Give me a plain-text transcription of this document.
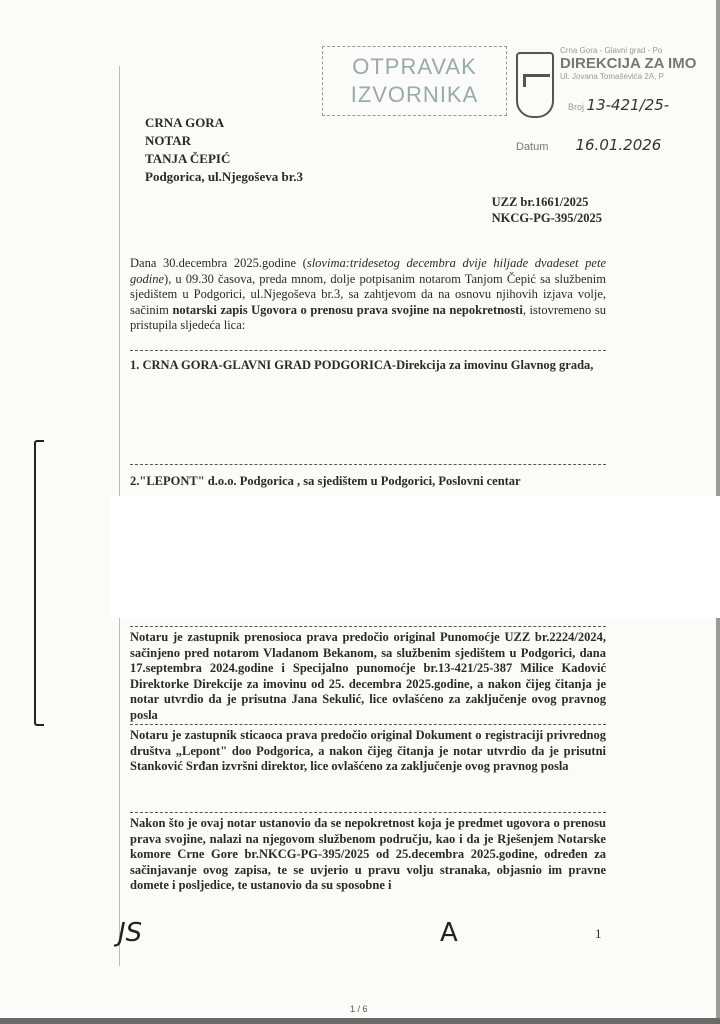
OTPRAVAK
IZVORNIKA
Crna Gora - Glavni grad - Po
DIREKCIJA ZA IMO
Ul. Jovana Tomaševića 2A, P
Broj 13-421/25-
Datum 16.01.2026
CRNA GORA
NOTAR
TANJA ČEPIĆ
Podgorica, ul.Njegoševa br.3
UZZ br.1661/2025
NKCG-PG-395/2025
Dana 30.decembra 2025.godine (slovima:tridesetog decembra dvije hiljade dvadeset pete godine), u 09.30 časova, preda mnom, dolje potpisanim notarom Tanjom Čepić sa službenim sjedištem u Podgorici, ul.Njegoševa br.3, sa zahtjevom da na osnovu njihovih izjava volje, sačinim notarski zapis Ugovora o prenosu prava svojine na nepokretnosti, istovremeno su pristupila sljedeća lica:
1. CRNA GORA-GLAVNI GRAD PODGORICA-Direkcija za imovinu Glavnog grada,
2."LEPONT" d.o.o. Podgorica , sa sjedištem u Podgorici, Poslovni centar
Notaru je zastupnik prenosioca prava predočio original Punomoćje UZZ br.2224/2024, sačinjeno pred notarom Vladanom Bekanom, sa službenim sjedištem u Podgorici, dana 17.septembra 2024.godine i Specijalno punomoćje br.13-421/25-387 Milice Kadović Direktorke Direkcije za imovinu od 25. decembra 2025.godine, a nakon čijeg čitanja je notar utvrdio da je prisutna Jana Sekulić, lice ovlašćeno za zaključenje ovog pravnog posla
Notaru je zastupnik sticaoca prava predočio original Dokument o registraciji privrednog društva „Lepont" doo Podgorica, a nakon čijeg čitanja je notar utvrdio da je prisutni Stanković Srđan izvršni direktor, lice ovlašćeno za zaključenje ovog pravnog posla
Nakon što je ovaj notar ustanovio da se nepokretnost koja je predmet ugovora o prenosu prava svojine, nalazi na njegovom službenom području, kao i da je Rješenjem Notarske komore Crne Gore br.NKCG-PG-395/2025 od 25.decembra 2025.godine, određen za sačinjavanje ovog zapisa, te se uvjerio u pravu volju stranaka, objasnio im pravne domete i posljedice, te ustanovio da su sposobne i
JS	A	1
1 / 6
